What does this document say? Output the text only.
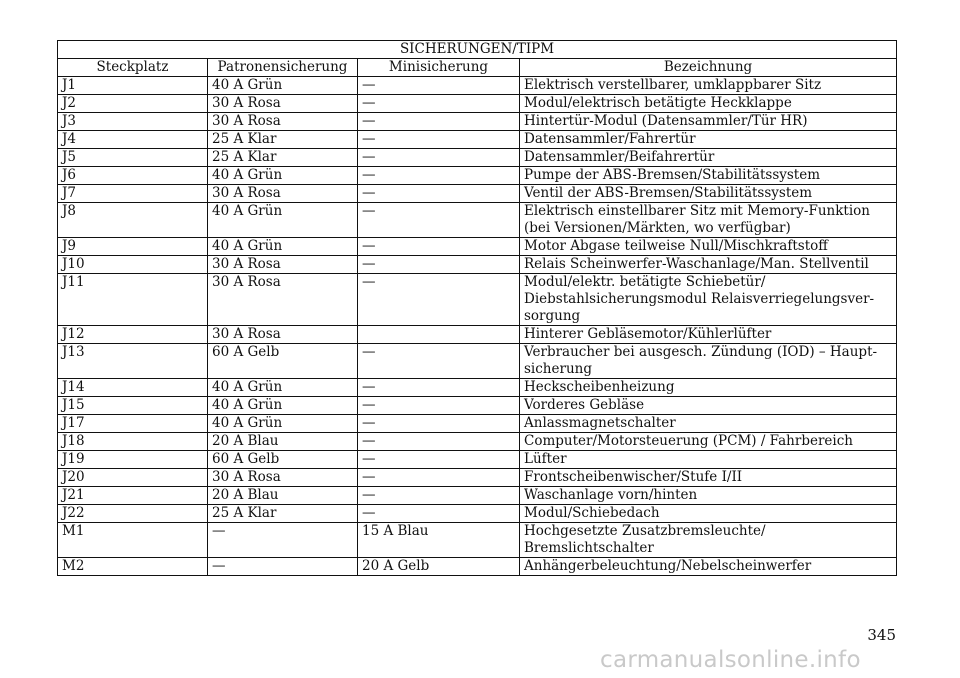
SICHERUNGEN/TIPM			
Steckplatz	Patronensicherung	Minisicherung	Bezeichnung
J1	40 A Grün	—	Elektrisch verstellbarer, umklappbarer Sitz

J2	30 A Rosa	—	Modul/elektrisch betätigte Heckklappe

J3	30 A Rosa	—	Hintertür-Modul (Datensammler/Tür HR)

J4	25 A Klar	—	Datensammler/Fahrertür

J5	25 A Klar	—	Datensammler/Beifahrertür

J6	40 A Grün	—	Pumpe der ABS-Bremsen/Stabilitätssystem

J7	30 A Rosa	—	Ventil der ABS-Bremsen/Stabilitätssystem

J8	40 A Grün	—	Elektrisch einstellbarer Sitz mit Memory-Funktion
(bei Versionen/Märkten, wo verfügbar)

J9	40 A Grün	—	Motor Abgase teilweise Null/Mischkraftstoff

J10	30 A Rosa	—	Relais Scheinwerfer-Waschanlage/Man. Stellventil

J11	30 A Rosa	—	Modul/elektr. betätigte Schiebetür/
Diebstahlsicherungsmodul Relaisverriegelungsver-
sorgung

J12	30 A Rosa		Hinterer Gebläsemotor/Kühlerlüfter

J13	60 A Gelb	—	Verbraucher bei ausgesch. Zündung (IOD) – Haupt-
sicherung

J14	40 A Grün	—	Heckscheibenheizung

J15	40 A Grün	—	Vorderes Gebläse

J17	40 A Grün	—	Anlassmagnetschalter

J18	20 A Blau	—	Computer/Motorsteuerung (PCM) / Fahrbereich

J19	60 A Gelb	—	Lüfter

J20	30 A Rosa	—	Frontscheibenwischer/Stufe I/II

J21	20 A Blau	—	Waschanlage vorn/hinten

J22	25 A Klar	—	Modul/Schiebedach

M1	—	15 A Blau	Hochgesetzte Zusatzbremsleuchte/
Bremslichtschalter

M2	—	20 A Gelb	Anhängerbeleuchtung/Nebelscheinwerfer
345
carmanualsonline.info
